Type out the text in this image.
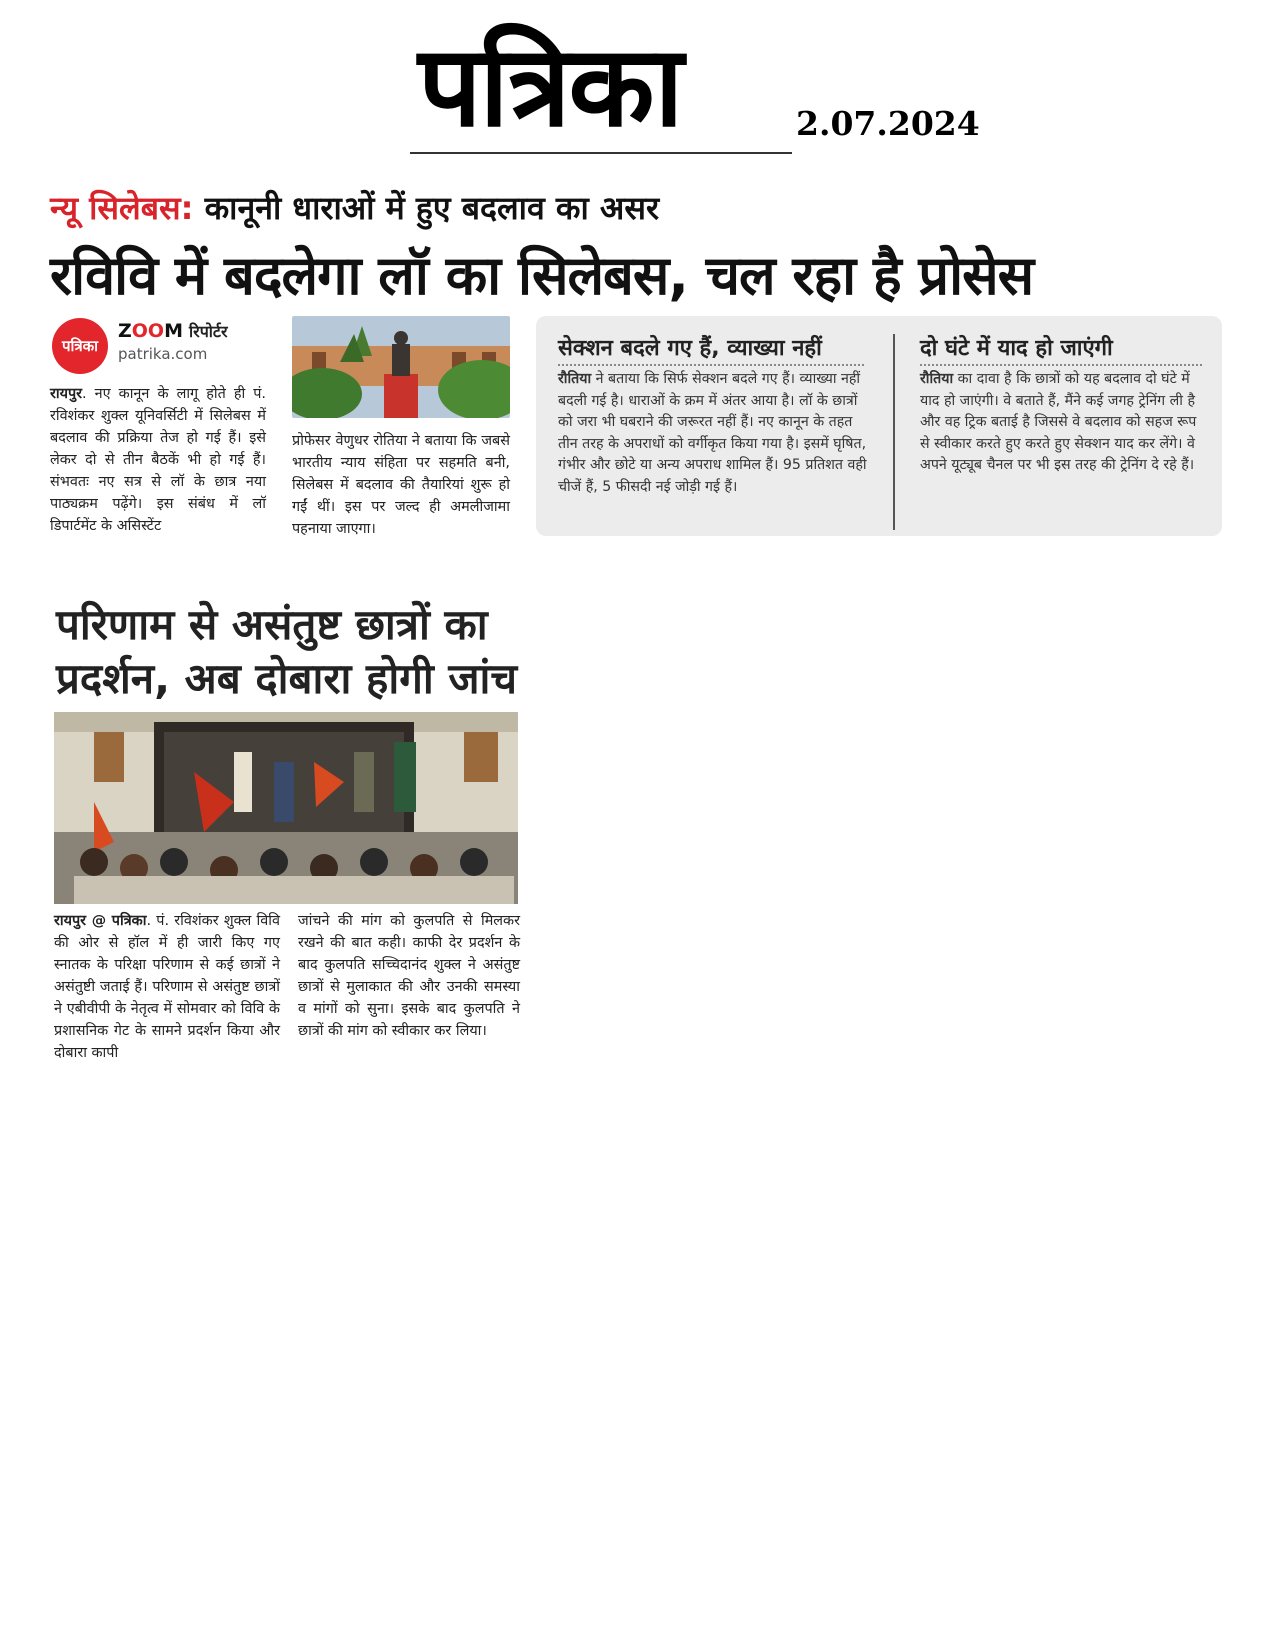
पत्रिका	2.07.2024
न्यू सिलेबस: कानूनी धाराओं में हुए बदलाव का असर
रविवि में बदलेगा लॉ का सिलेबस, चल रहा है प्रोसेस
पत्रिका
ZOOM रिपोर्टर
patrika.com
रायपुर. नए कानून के लागू होते ही पं. रविशंकर शुक्ल यूनिवर्सिटी में सिलेबस में बदलाव की प्रक्रिया तेज हो गई हैं। इसे लेकर दो से तीन बैठकें भी हो गई हैं। संभवतः नए सत्र से लॉ के छात्र नया पाठ्यक्रम पढ़ेंगे। इस संबंध में लॉ डिपार्टमेंट के असिस्टेंट
प्रोफेसर वेणुधर रोतिया ने बताया कि जबसे भारतीय न्याय संहिता पर सहमति बनी, सिलेबस में बदलाव की तैयारियां शुरू हो गईं थीं। इस पर जल्द ही अमलीजामा पहनाया जाएगा।
सेक्शन बदले गए हैं, व्याख्या नहीं
रौतिया ने बताया कि सिर्फ सेक्शन बदले गए हैं। व्याख्या नहीं बदली गई है। धाराओं के क्रम में अंतर आया है। लॉ के छात्रों को जरा भी घबराने की जरूरत नहीं हैं। नए कानून के तहत तीन तरह के अपराधों को वर्गीकृत किया गया है। इसमें घृषित, गंभीर और छोटे या अन्य अपराध शामिल हैं। 95 प्रतिशत वही चीजें हैं, 5 फीसदी नई जोड़ी गई हैं।
दो घंटे में याद हो जाएंगी
रौतिया का दावा है कि छात्रों को यह बदलाव दो घंटे में याद हो जाएंगी। वे बताते हैं, मैंने कई जगह ट्रेनिंग ली है और वह ट्रिक बताई है जिससे वे बदलाव को सहज रूप से स्वीकार करते हुए करते हुए सेक्शन याद कर लेंगे। वे अपने यूट्यूब चैनल पर भी इस तरह की ट्रेनिंग दे रहे हैं।
परिणाम से असंतुष्ट छात्रों का प्रदर्शन, अब दोबारा होगी जांच
रायपुर @ पत्रिका. पं. रविशंकर शुक्ल विवि की ओर से हॉल में ही जारी किए गए स्नातक के परिक्षा परिणाम से कई छात्रों ने असंतुष्टी जताई हैं। परिणाम से असंतुष्ट छात्रों ने एबीवीपी के नेतृत्व में सोमवार को विवि के प्रशासनिक गेट के सामने प्रदर्शन किया और दोबारा कापी
जांचने की मांग को कुलपति से मिलकर रखने की बात कही। काफी देर प्रदर्शन के बाद कुलपति सच्चिदानंद शुक्ल ने असंतुष्ट छात्रों से मुलाकात की और उनकी समस्या व मांगों को सुना। इसके बाद कुलपति ने छात्रों की मांग को स्वीकार कर लिया।
